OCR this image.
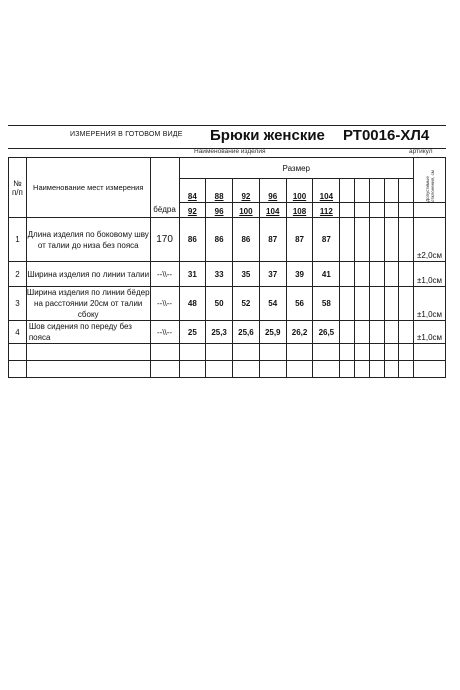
ИЗМЕРЕНИЯ В ГОТОВОМ ВИДЕ Брюки женские РТ0016-ХЛ4
Наименование изделия	артикул
№ п/п	Наименование мест измерения		Размер											Допустимые отклонения, см

			84	88	92	96	100	104						
		бёдра	92	96	100	104	108	112						
1	Длина изделия по боковому шву от талии до низа без пояса	170	86	86	86	87	87	87						±2,0см
2	Ширина изделия по линии талии	--\\--	31	33	35	37	39	41						±1,0см
3	Ширина изделия по линии бёдер на расстоянии 20см от талии сбоку	--\\--	48	50	52	54	56	58						±1,0см
4	Шов сидения по переду без пояса	--\\--	25	25,3	25,6	25,9	26,2	26,5						±1,0см
